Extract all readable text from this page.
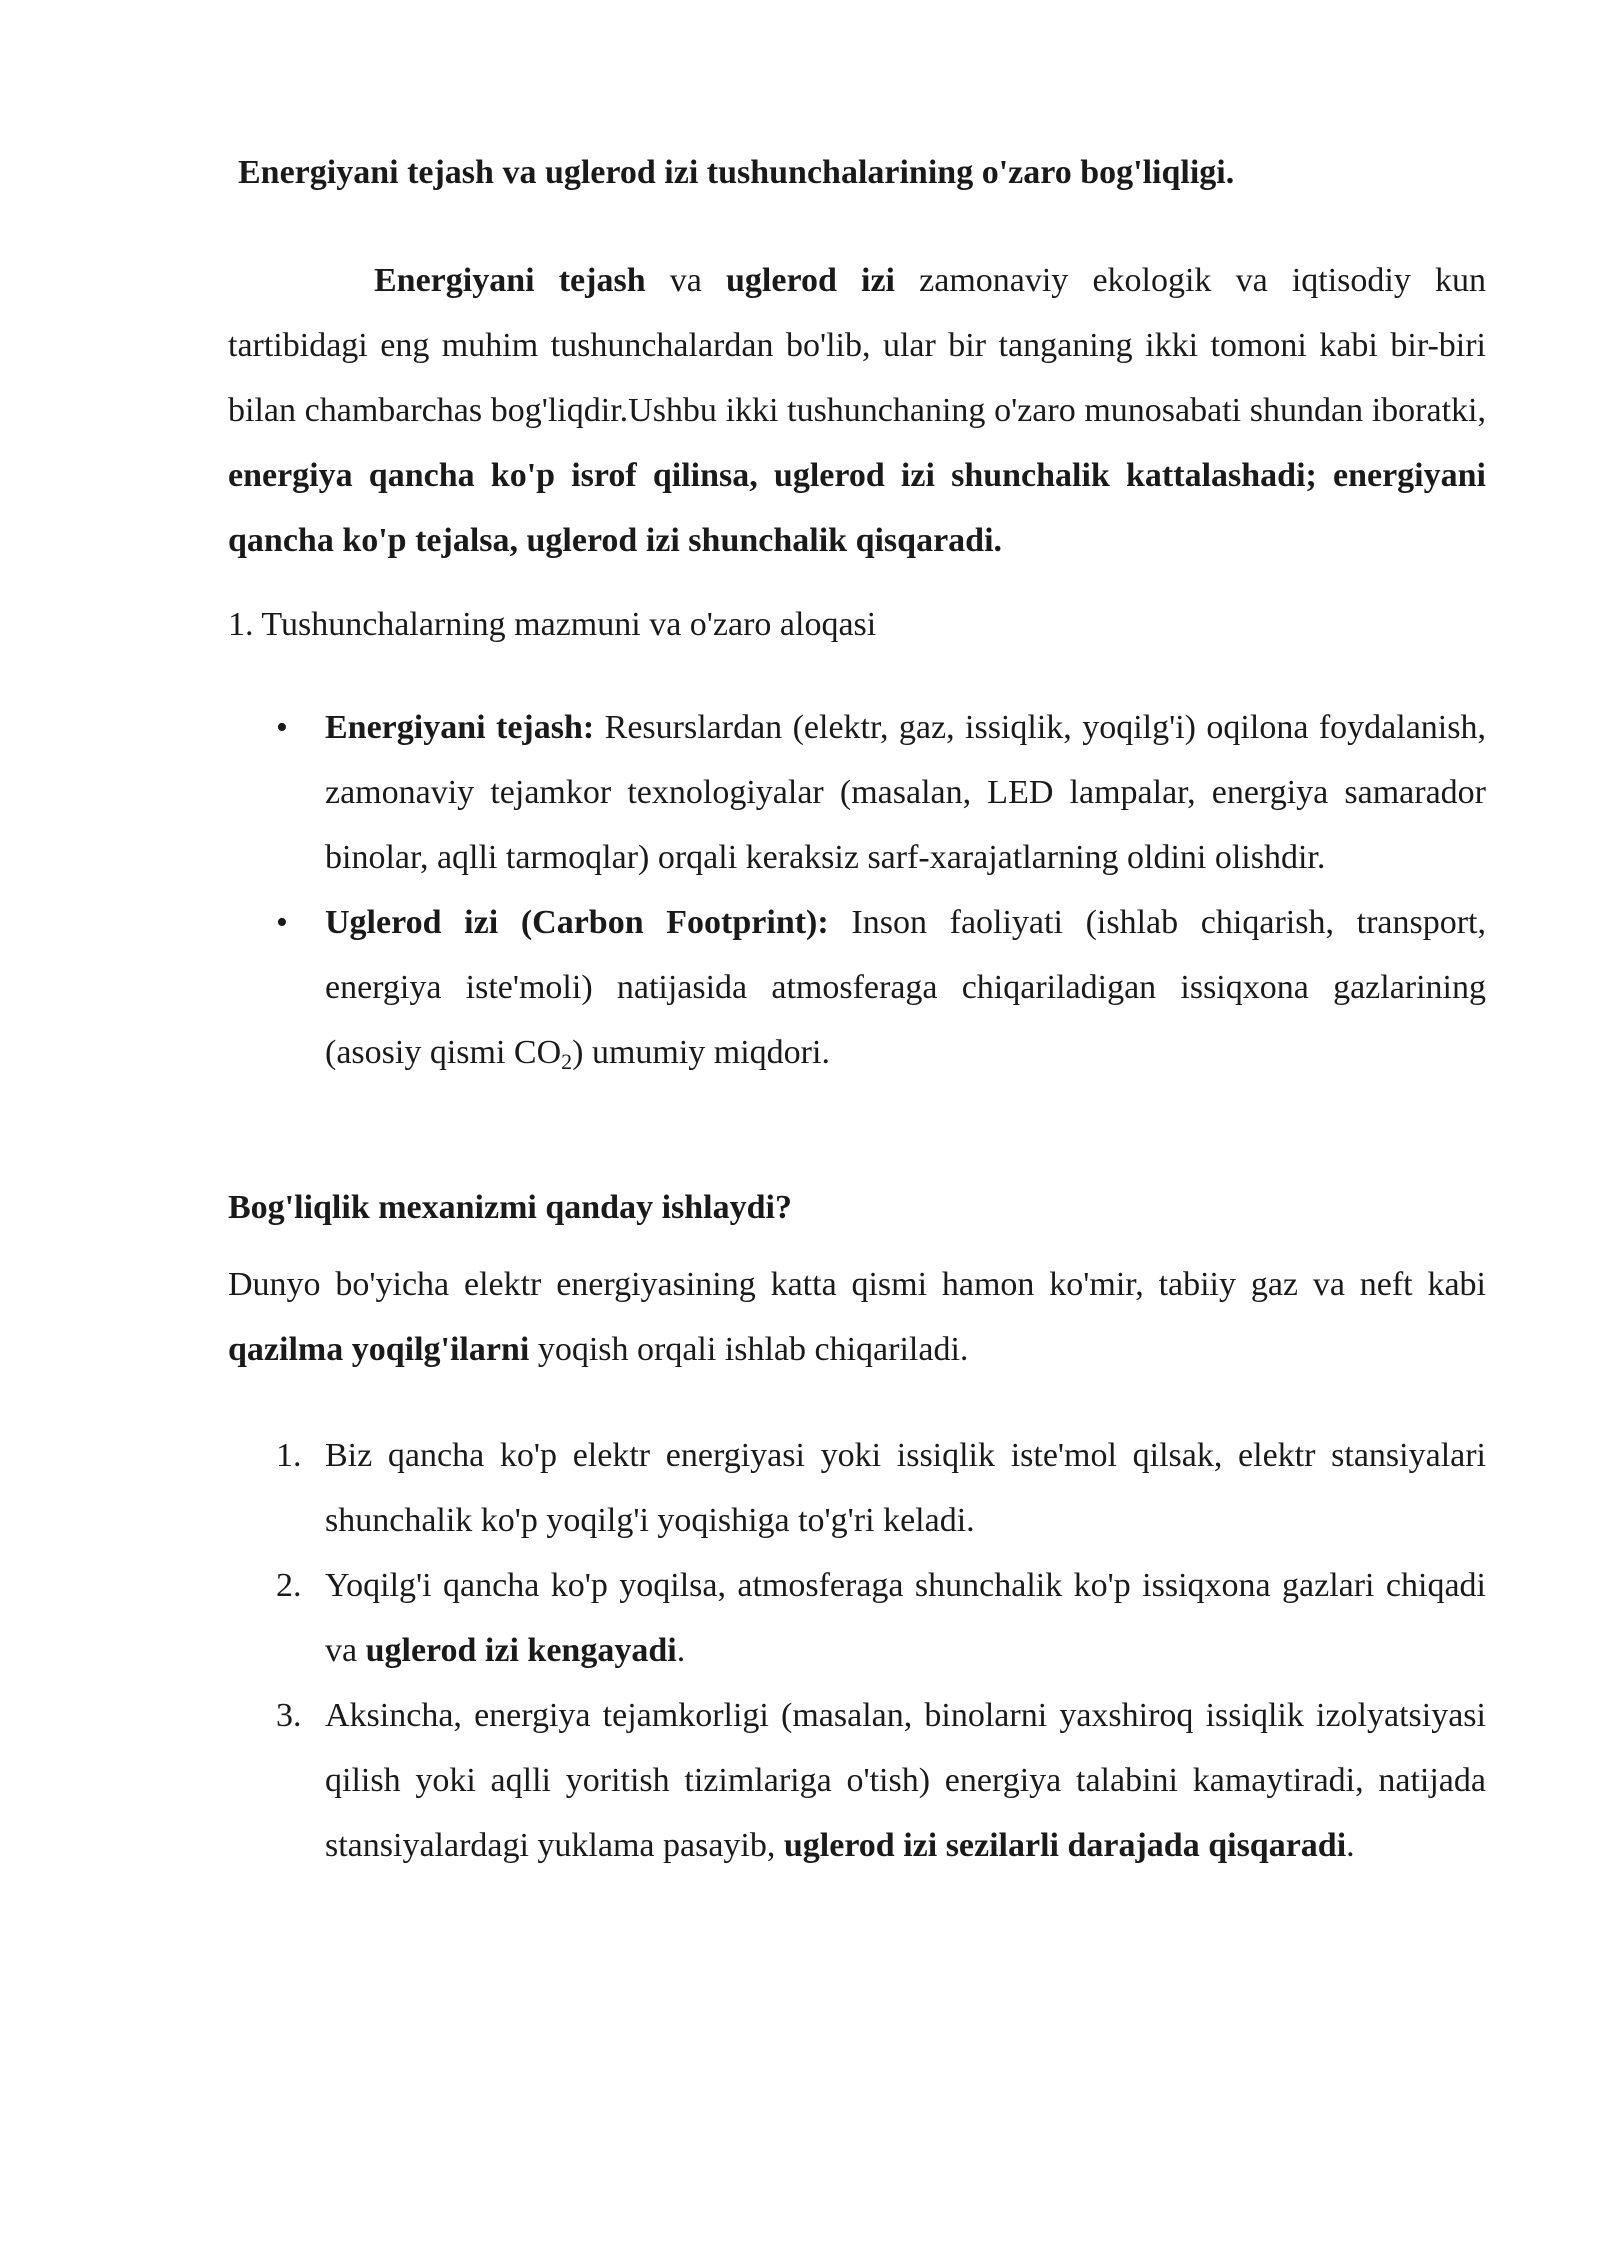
Energiyani tejash va uglerod izi tushunchalarining o'zaro bog'liqligi.

Energiyani tejash va uglerod izi zamonaviy ekologik va iqtisodiy kun tartibidagi eng muhim tushunchalardan bo'lib, ular bir tanganing ikki tomoni kabi bir-biri bilan chambarchas bog'liqdir.Ushbu ikki tushunchaning o'zaro munosabati shundan iboratki, energiya qancha ko'p isrof qilinsa, uglerod izi shunchalik kattalashadi; energiyani qancha ko'p tejalsa, uglerod izi shunchalik qisqaradi.

1. Tushunchalarning mazmuni va o'zaro aloqasi

• Energiyani tejash: Resurslardan (elektr, gaz, issiqlik, yoqilg'i) oqilona foydalanish, zamonaviy tejamkor texnologiyalar (masalan, LED lampalar, energiya samarador binolar, aqlli tarmoqlar) orqali keraksiz sarf-xarajatlarning oldini olishdir.
• Uglerod izi (Carbon Footprint): Inson faoliyati (ishlab chiqarish, transport, energiya iste'moli) natijasida atmosferaga chiqariladigan issiqxona gazlarining (asosiy qismi $CO_2$) umumiy miqdori.

Bog'liqlik mexanizmi qanday ishlaydi?

Dunyo bo'yicha elektr energiyasining katta qismi hamon ko'mir, tabiiy gaz va neft kabi qazilma yoqilg'ilarni yoqish orqali ishlab chiqariladi.

1. Biz qancha ko'p elektr energiyasi yoki issiqlik iste'mol qilsak, elektr stansiyalari shunchalik ko'p yoqilg'i yoqishiga to'g'ri keladi.
2. Yoqilg'i qancha ko'p yoqilsa, atmosferaga shunchalik ko'p issiqxona gazlari chiqadi va uglerod izi kengayadi.
3. Aksincha, energiya tejamkorligi (masalan, binolarni yaxshiroq issiqlik izolyatsiyasi qilish yoki aqlli yoritish tizimlariga o'tish) energiya talabini kamaytiradi, natijada stansiyalardagi yuklama pasayib, uglerod izi sezilarli darajada qisqaradi.
